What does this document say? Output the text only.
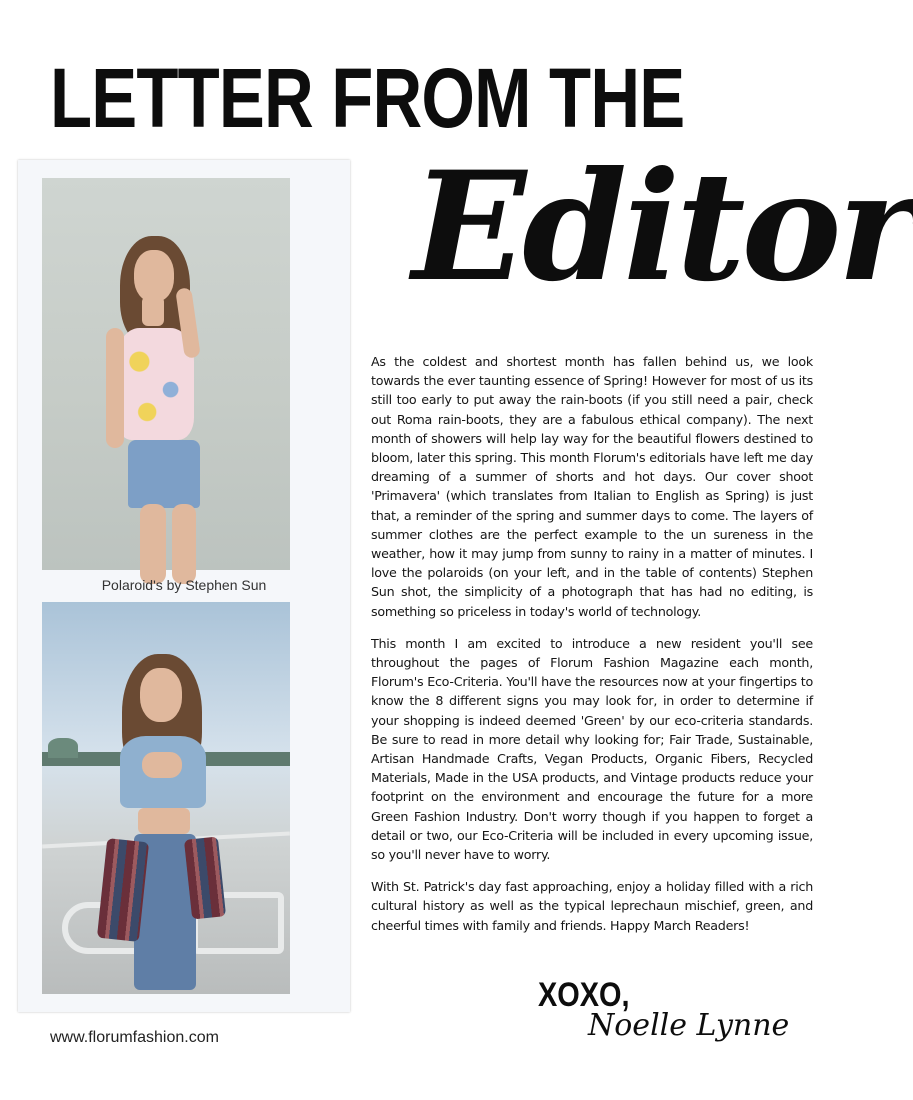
LETTER FROM THE
Editor
Polaroid's by Stephen Sun

As the coldest and shortest month has fallen behind us, we look towards the ever taunting essence of Spring! However for most of us its still too early to put away the rain-boots (if you still need a pair, check out Roma rain-boots, they are a fabulous ethical company). The next month of showers will help lay way for the beautiful flowers destined to bloom, later this spring. This month Florum's editorials have left me day dreaming of a summer of shorts and hot days. Our cover shoot 'Primavera' (which translates from Italian to English as Spring) is just that, a reminder of the spring and summer days to come. The layers of summer clothes are the perfect example to the un sureness in the weather, how it may jump from sunny to rainy in a matter of minutes. I love the polaroids (on your left, and in the table of contents) Stephen Sun shot, the simplicity of a photograph that has had no editing, is something so priceless in today's world of technology.

This month I am excited to introduce a new resident you'll see throughout the pages of Florum Fashion Magazine each month, Florum's Eco-Criteria. You'll have the resources now at your fingertips to know the 8 different signs you may look for, in order to determine if your shopping is indeed deemed 'Green' by our eco-criteria standards. Be sure to read in more detail why looking for; Fair Trade, Sustainable, Artisan Handmade Crafts, Vegan Products, Organic Fibers, Recycled Materials, Made in the USA products, and Vintage products reduce your footprint on the environment and encourage the future for a more Green Fashion Industry. Don't worry though if you happen to forget a detail or two, our Eco-Criteria will be included in every upcoming issue, so you'll never have to worry.

With St. Patrick's day fast approaching, enjoy a holiday filled with a rich cultural history as well as the typical leprechaun mischief, green, and cheerful times with family and friends. Happy March Readers!

XOXO,
Noelle Lynne
www.florumfashion.com
